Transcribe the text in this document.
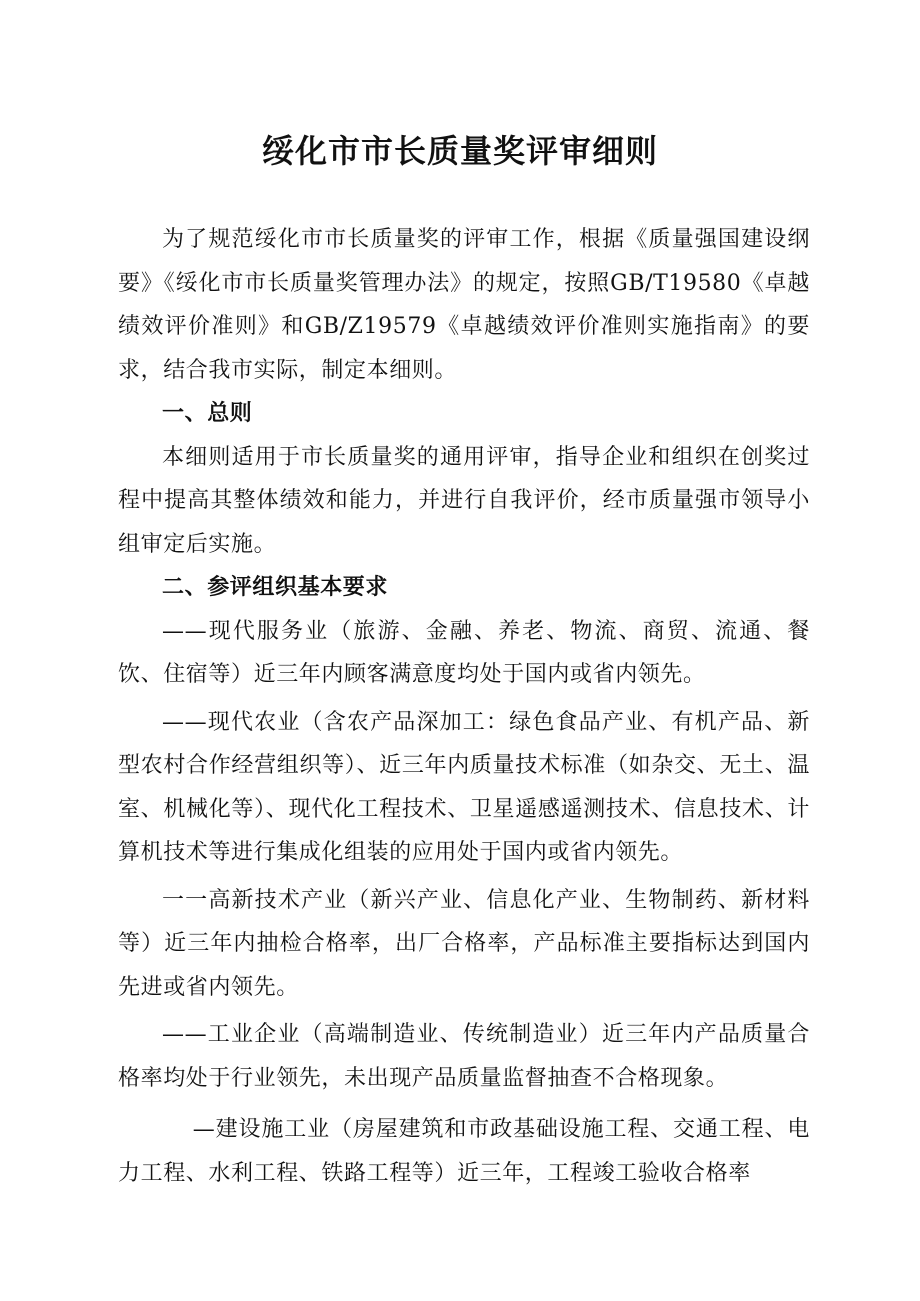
绥化市市长质量奖评审细则

为了规范绥化市市长质量奖的评审工作，根据《质量强国建设纲要》《绥化市市长质量奖管理办法》的规定，按照GB/T19580《卓越绩效评价准则》和GB/Z19579《卓越绩效评价准则实施指南》的要求，结合我市实际，制定本细则。

一、总则

本细则适用于市长质量奖的通用评审，指导企业和组织在创奖过程中提高其整体绩效和能力，并进行自我评价，经市质量强市领导小组审定后实施。

二、参评组织基本要求

——现代服务业（旅游、金融、养老、物流、商贸、流通、餐饮、住宿等）近三年内顾客满意度均处于国内或省内领先。

——现代农业（含农产品深加工：绿色食品产业、有机产品、新型农村合作经营组织等）、近三年内质量技术标准（如杂交、无土、温室、机械化等）、现代化工程技术、卫星遥感遥测技术、信息技术、计算机技术等进行集成化组装的应用处于国内或省内领先。

一一高新技术产业（新兴产业、信息化产业、生物制药、新材料等）近三年内抽检合格率，出厂合格率，产品标准主要指标达到国内先进或省内领先。

——工业企业（高端制造业、传统制造业）近三年内产品质量合格率均处于行业领先，未出现产品质量监督抽查不合格现象。

—建设施工业（房屋建筑和市政基础设施工程、交通工程、电力工程、水利工程、铁路工程等）近三年，工程竣工验收合格率
